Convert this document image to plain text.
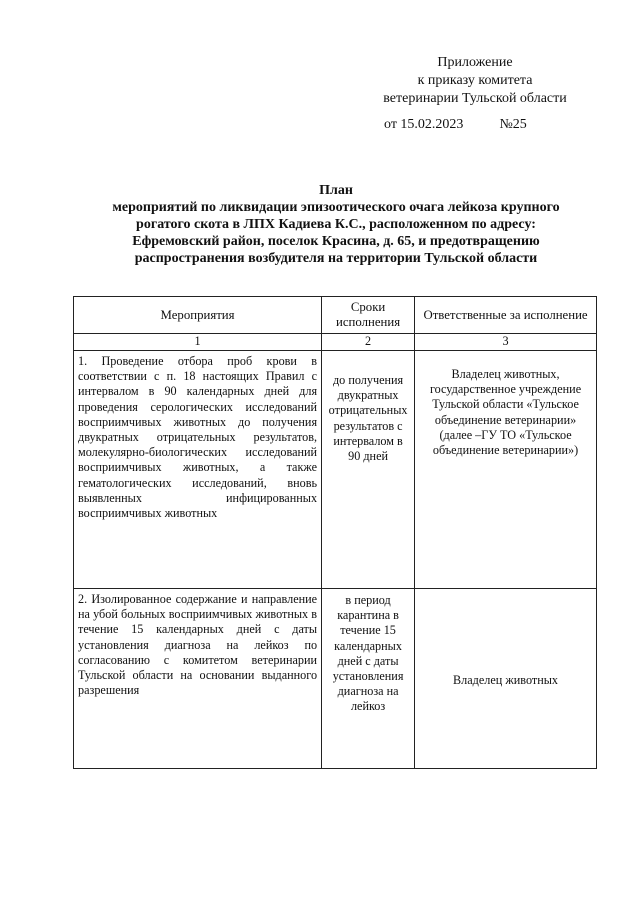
Приложение
к приказу комитета
ветеринарии Тульской области
от 15.02.2023	№25
План
мероприятий по ликвидации эпизоотического очага лейкоза крупного
рогатого скота в ЛПХ Кадиева К.С., расположенном по адресу:
Ефремовский район, поселок Красина, д. 65, и предотвращению
распространения возбудителя на территории Тульской области
Мероприятия	Сроки исполнения	Ответственные за исполнение
1	2	3
1. Проведение отбора проб крови в соответствии с п. 18 настоящих Правил с интервалом в 90 календарных дней для проведения серологических исследований восприимчивых животных до получения двукратных отрицательных результатов, молекулярно-биологических исследований восприимчивых животных, а также гематологических исследований, вновь выявленных инфицированных восприимчивых животных	до получения двукратных отрицательных результатов с интервалом в 90 дней	Владелец животных, государственное учреждение Тульской области «Тульское объединение ветеринарии» (далее –ГУ ТО «Тульское объединение ветеринарии»)
2. Изолированное содержание и направление на убой больных восприимчивых животных в течение 15 календарных дней с даты установления диагноза на лейкоз по согласованию с комитетом ветеринарии Тульской области на основании выданного разрешения	в период карантина в течение 15 календарных дней с даты установления диагноза на лейкоз	Владелец животных
